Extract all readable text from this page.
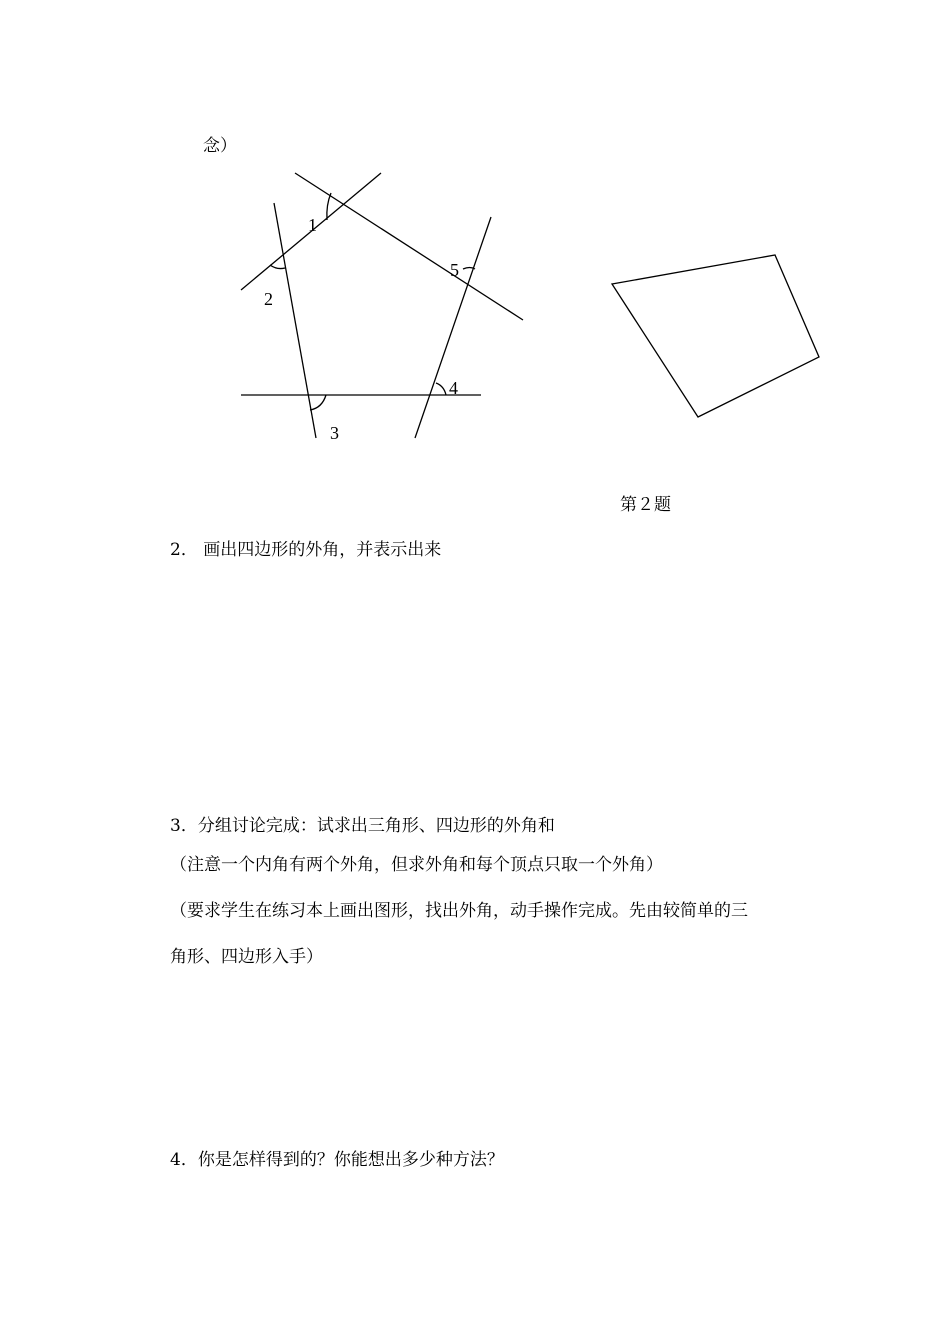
念）
1
2
3
4
5
第２题
2． 画出四边形的外角，并表示出来
3．分组讨论完成：试求出三角形、四边形的外角和
（注意一个内角有两个外角，但求外角和每个顶点只取一个外角）
（要求学生在练习本上画出图形，找出外角，动手操作完成。先由较简单的三
角形、四边形入手）
4．你是怎样得到的？你能想出多少种方法？
